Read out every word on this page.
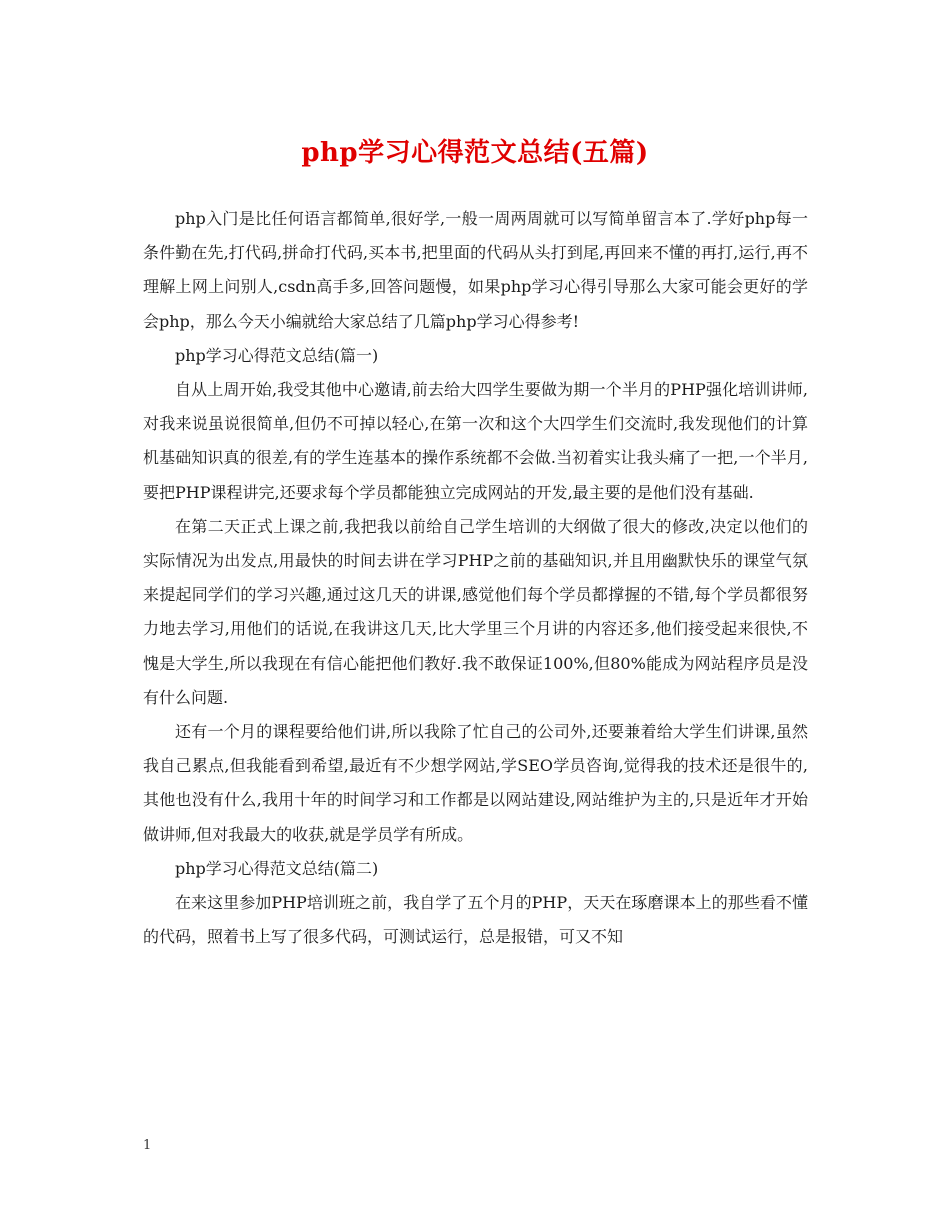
php学习心得范文总结(五篇)

php入门是比任何语言都简单,很好学,一般一周两周就可以写简单留言本了.学好php每一条件勤在先,打代码,拼命打代码,买本书,把里面的代码从头打到尾,再回来不懂的再打,运行,再不理解上网上问别人,csdn高手多,回答问题慢，如果php学习心得引导那么大家可能会更好的学会php，那么今天小编就给大家总结了几篇php学习心得参考!

php学习心得范文总结(篇一)

自从上周开始,我受其他中心邀请,前去给大四学生要做为期一个半月的PHP强化培训讲师,对我来说虽说很简单,但仍不可掉以轻心,在第一次和这个大四学生们交流时,我发现他们的计算机基础知识真的很差,有的学生连基本的操作系统都不会做.当初着实让我头痛了一把,一个半月,要把PHP课程讲完,还要求每个学员都能独立完成网站的开发,最主要的是他们没有基础.

在第二天正式上课之前,我把我以前给自己学生培训的大纲做了很大的修改,决定以他们的实际情况为出发点,用最快的时间去讲在学习PHP之前的基础知识,并且用幽默快乐的课堂气氛来提起同学们的学习兴趣,通过这几天的讲课,感觉他们每个学员都撑握的不错,每个学员都很努力地去学习,用他们的话说,在我讲这几天,比大学里三个月讲的内容还多,他们接受起来很快,不愧是大学生,所以我现在有信心能把他们教好.我不敢保证100%,但80%能成为网站程序员是没有什么问题.

还有一个月的课程要给他们讲,所以我除了忙自己的公司外,还要兼着给大学生们讲课,虽然我自己累点,但我能看到希望,最近有不少想学网站,学SEO学员咨询,觉得我的技术还是很牛的,其他也没有什么,我用十年的时间学习和工作都是以网站建设,网站维护为主的,只是近年才开始做讲师,但对我最大的收获,就是学员学有所成。

php学习心得范文总结(篇二)

在来这里参加PHP培训班之前，我自学了五个月的PHP，天天在琢磨课本上的那些看不懂的代码，照着书上写了很多代码，可测试运行，总是报错，可又不知

1
